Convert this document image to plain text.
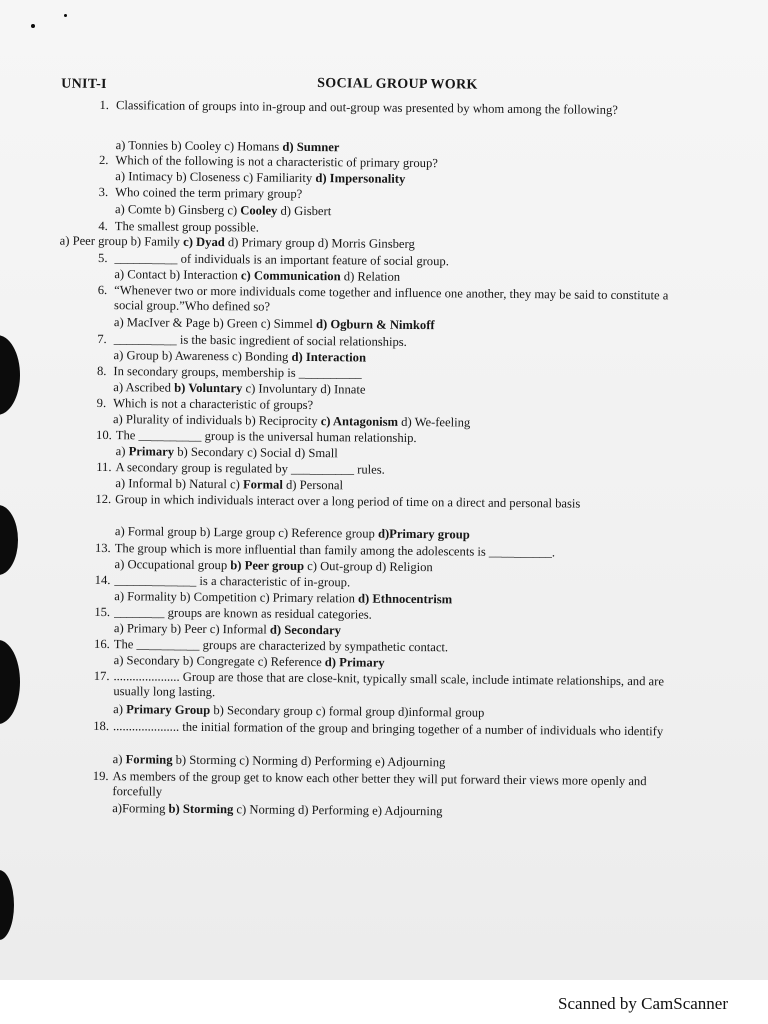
UNIT-I	SOCIAL GROUP WORK
1. Classification of groups into in-group and out-group was presented by whom among the following?
a) Tonnies b) Cooley c) Homans d) Sumner
2. Which of the following is not a characteristic of primary group?
a) Intimacy b) Closeness c) Familiarity d) Impersonality
3. Who coined the term primary group?
a) Comte b) Ginsberg c) Cooley d) Gisbert
4. The smallest group possible.
a) Peer group b) Family c) Dyad d) Primary group d) Morris Ginsberg
5. __________ of individuals is an important feature of social group.
a) Contact b) Interaction c) Communication d) Relation
6. “Whenever two or more individuals come together and influence one another, they may be said to constitute a social group.”Who defined so?
a) MacIver & Page b) Green c) Simmel d) Ogburn & Nimkoff
7. __________ is the basic ingredient of social relationships.
a) Group b) Awareness c) Bonding d) Interaction
8. In secondary groups, membership is __________
a) Ascribed b) Voluntary c) Involuntary d) Innate
9. Which is not a characteristic of groups?
a) Plurality of individuals b) Reciprocity c) Antagonism d) We-feeling
10. The __________ group is the universal human relationship.
a) Primary b) Secondary c) Social d) Small
11. A secondary group is regulated by __________ rules.
a) Informal b) Natural c) Formal d) Personal
12. Group in which individuals interact over a long period of time on a direct and personal basis
a) Formal group b) Large group c) Reference group d)Primary group
13. The group which is more influential than family among the adolescents is __________.
a) Occupational group b) Peer group c) Out-group d) Religion
14. _____________ is a characteristic of in-group.
a) Formality b) Competition c) Primary relation d) Ethnocentrism
15. ________ groups are known as residual categories.
a) Primary b) Peer c) Informal d) Secondary
16. The __________ groups are characterized by sympathetic contact.
a) Secondary b) Congregate c) Reference d) Primary
17. ..................... Group are those that are close-knit, typically small scale, include intimate relationships, and are usually long lasting.
a) Primary Group b) Secondary group c) formal group d)informal group
18. ..................... the initial formation of the group and bringing together of a number of individuals who identify
a) Forming b) Storming c) Norming d) Performing e) Adjourning
19. As members of the group get to know each other better they will put forward their views more openly and forcefully
a)Forming b) Storming c) Norming d) Performing e) Adjourning
Scanned by CamScanner
